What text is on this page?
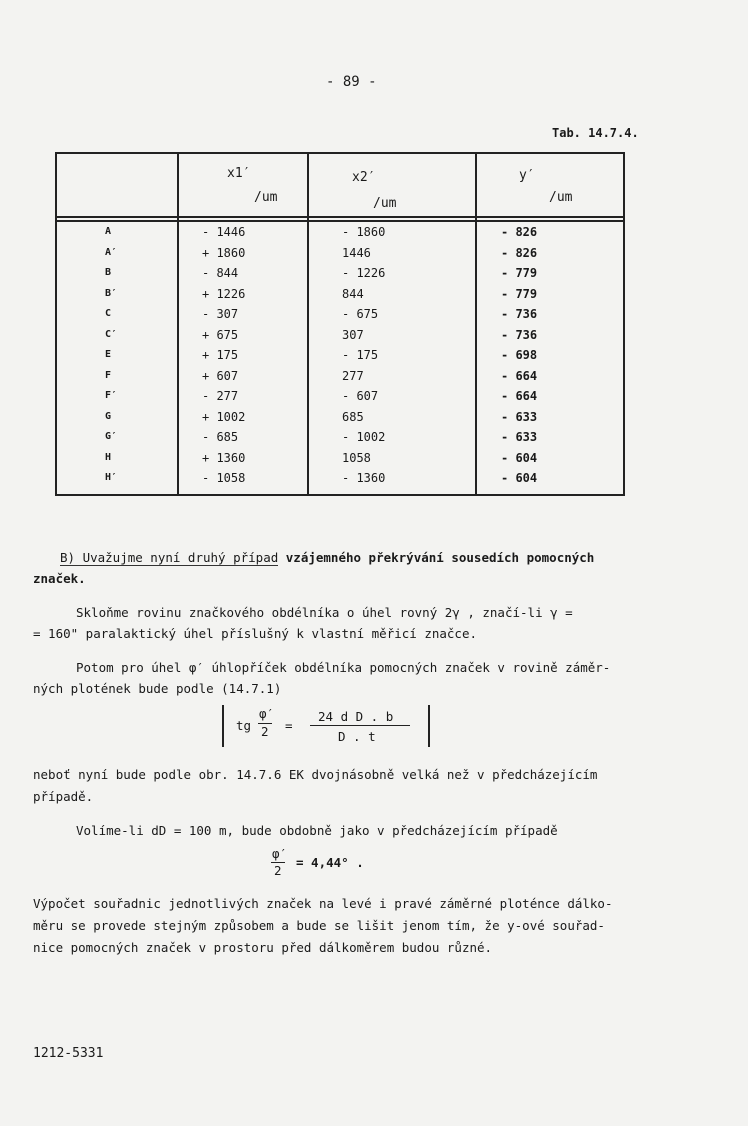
- 89 -
Tab. 14.7.4.
x1′
/um
x2′
/um
y′
/um
A
A′
B
B′
C
C′
E
F
F′
G
G′
H
H′
- 1446
+ 1860
- 844
+ 1226
- 307
+ 675
+ 175
+ 607
- 277
+ 1002
- 685
+ 1360
- 1058
- 1860
1446
- 1226
844
- 675
307
- 175
277
- 607
685
- 1002
1058
- 1360
- 826
- 826
- 779
- 779
- 736
- 736
- 698
- 664
- 664
- 633
- 633
- 604
- 604
B) Uvažujme nyní druhý případ vzájemného překrývání sousedích pomocných
značek.
Skloňme rovinu značkového obdélníka o úhel rovný 2γ , značí-li γ =
= 160" paralaktický úhel příslušný k vlastní měřicí značce.
Potom pro úhel φ′ úhlopříček obdélníka pomocných značek v rovině záměr-
ných plotének bude podle (14.7.1)
tg
φ′
2 =
24 d D . b
D . t
neboť nyní bude podle obr. 14.7.6 EK dvojnásobně velká než v předcházejícím
případě.
Volíme-li dD = 100 m, bude obdobně jako v předcházejícím případě
φ′
2
= 4,44° .
Výpočet souřadnic jednotlivých značek na levé i pravé záměrné ploténce dálko-
měru se provede stejným způsobem a bude se lišit jenom tím, že y-ové souřad-
nice pomocných značek v prostoru před dálkoměrem budou různé.
1212-5331
